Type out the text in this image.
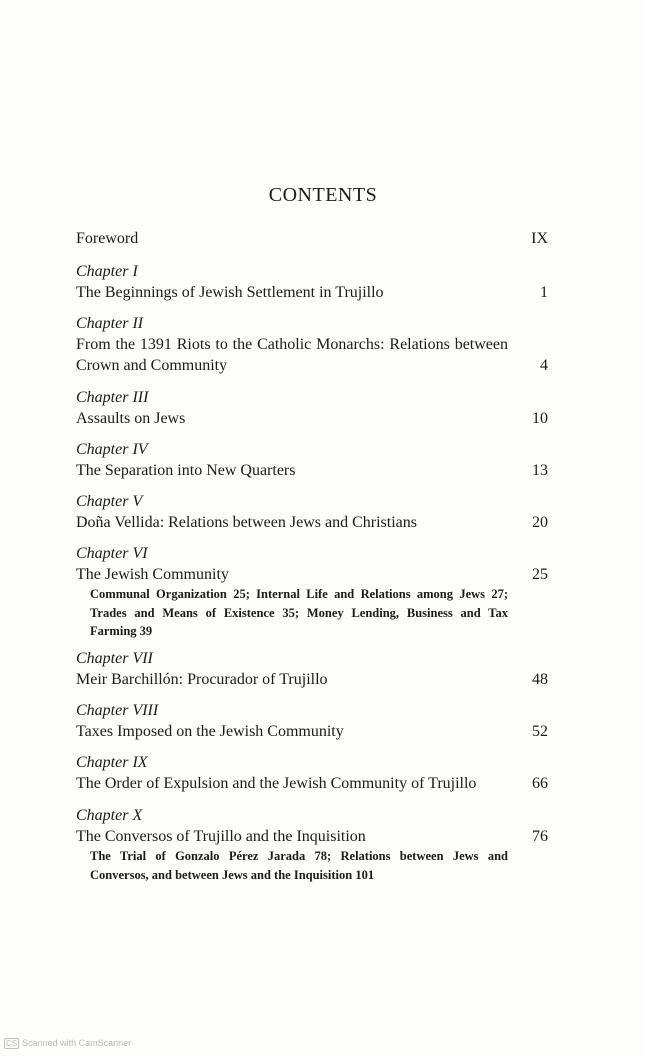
CONTENTS
Foreword	IX
Chapter I
The Beginnings of Jewish Settlement in Trujillo	1
Chapter II
From the 1391 Riots to the Catholic Monarchs: Relations between Crown and Community	4
Chapter III
Assaults on Jews	10
Chapter IV
The Separation into New Quarters	13
Chapter V
Doña Vellida: Relations between Jews and Christians	20
Chapter VI
The Jewish Community	25
Communal Organization 25; Internal Life and Relations among Jews 27; Trades and Means of Existence 35; Money Lending, Business and Tax Farming 39
Chapter VII
Meir Barchillón: Procurador of Trujillo	48
Chapter VIII
Taxes Imposed on the Jewish Community	52
Chapter IX
The Order of Expulsion and the Jewish Community of Trujillo	66
Chapter X
The Conversos of Trujillo and the Inquisition	76
The Trial of Gonzalo Pérez Jarada 78; Relations between Jews and Conversos, and between Jews and the Inquisition 101
CS Scanned with CamScanner
